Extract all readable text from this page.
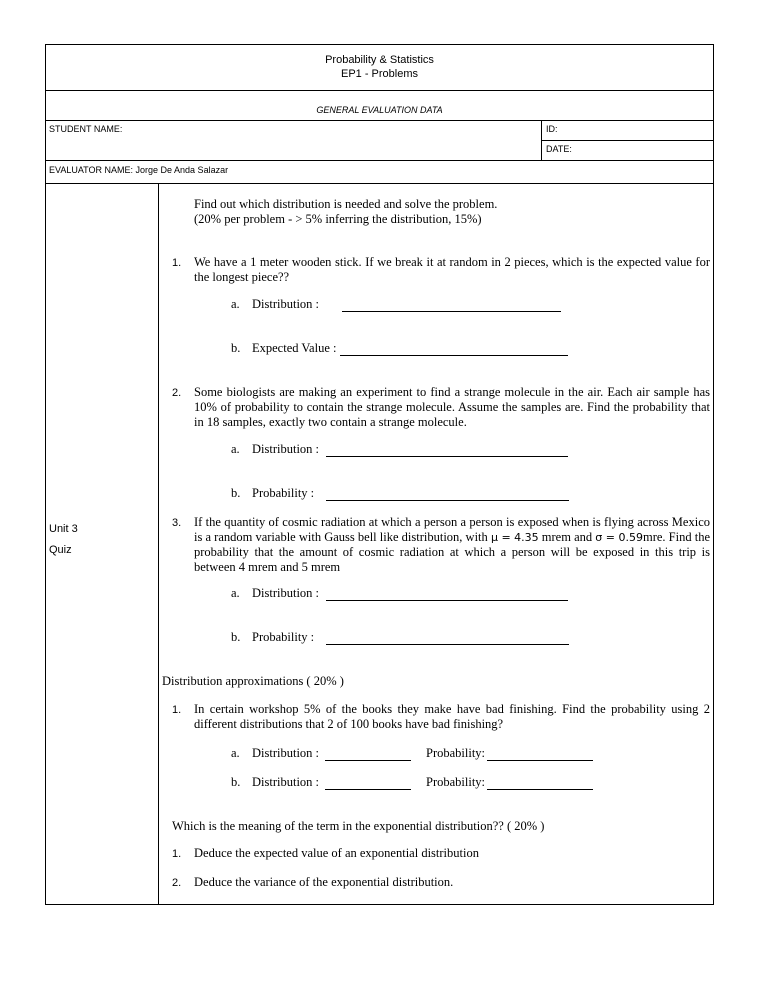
Probability & Statistics
EP1 - Problems
GENERAL EVALUATION DATA
STUDENT NAME:	ID:
DATE:
EVALUATOR NAME: Jorge De Anda Salazar
Unit 3
Quiz
Find out which distribution is needed and solve the problem.
(20% per problem - > 5% inferring the distribution, 15%)
1. We have a 1 meter wooden stick. If we break it at random in 2 pieces, which is the expected value for the longest piece??
a. Distribution :
b. Expected Value :
2. Some biologists are making an experiment to find a strange molecule in the air. Each air sample has 10% of probability to contain the strange molecule. Assume the samples are. Find the probability that in 18 samples, exactly two contain a strange molecule.
a. Distribution :
b. Probability :
3. If the quantity of cosmic radiation at which a person a person is exposed when is flying across Mexico is a random variable with Gauss bell like distribution, with μ = 4.35 mrem and σ = 0.59mre. Find the probability that the amount of cosmic radiation at which a person will be exposed in this trip is between 4 mrem and 5 mrem
a. Distribution :
b. Probability :
Distribution approximations ( 20% )
1. In certain workshop 5% of the books they make have bad finishing. Find the probability using 2 different distributions that 2 of 100 books have bad finishing?
a. Distribution :	Probability:
b. Distribution :	Probability:
Which is the meaning of the term in the exponential distribution?? ( 20% )
1. Deduce the expected value of an exponential distribution
2. Deduce the variance of the exponential distribution.
